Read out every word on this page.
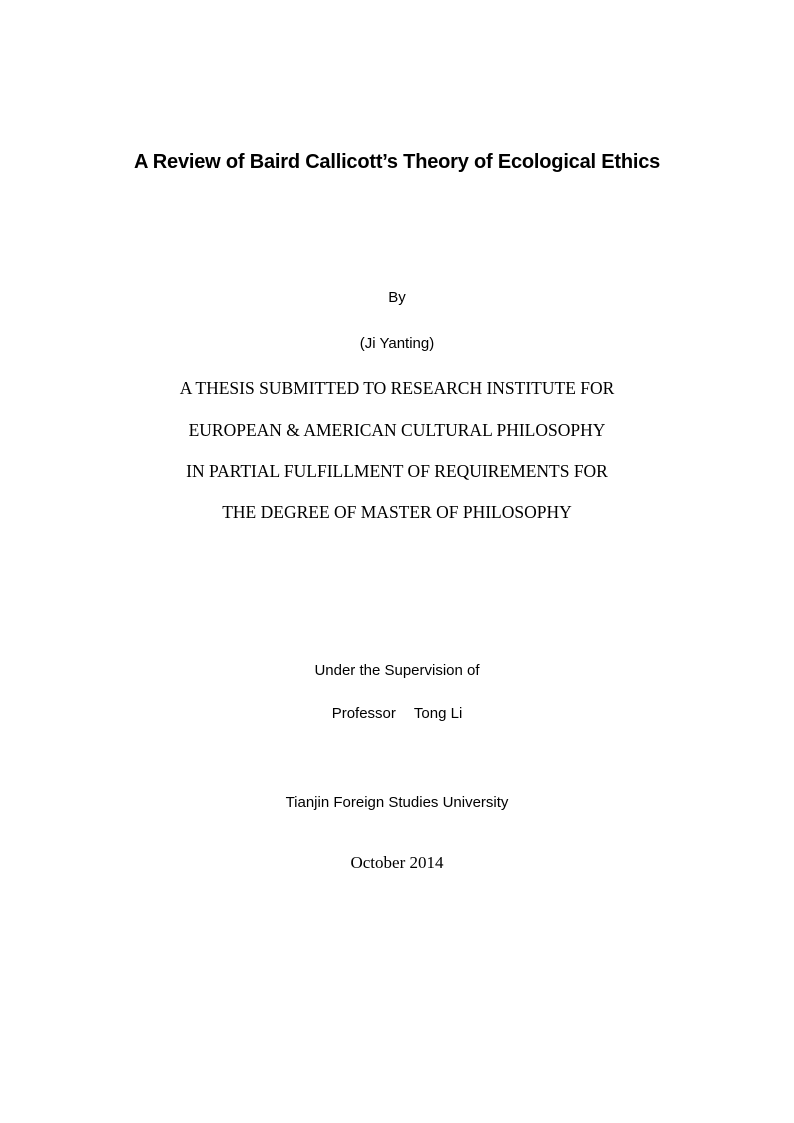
A Review of Baird Callicott’s Theory of Ecological Ethics
By
(Ji Yanting)
A THESIS SUBMITTED TO RESEARCH INSTITUTE FOR
EUROPEAN & AMERICAN CULTURAL PHILOSOPHY
IN PARTIAL FULFILLMENT OF REQUIREMENTS FOR
THE DEGREE OF MASTER OF PHILOSOPHY
Under the Supervision of
Professor Tong Li
Tianjin Foreign Studies University
October 2014
